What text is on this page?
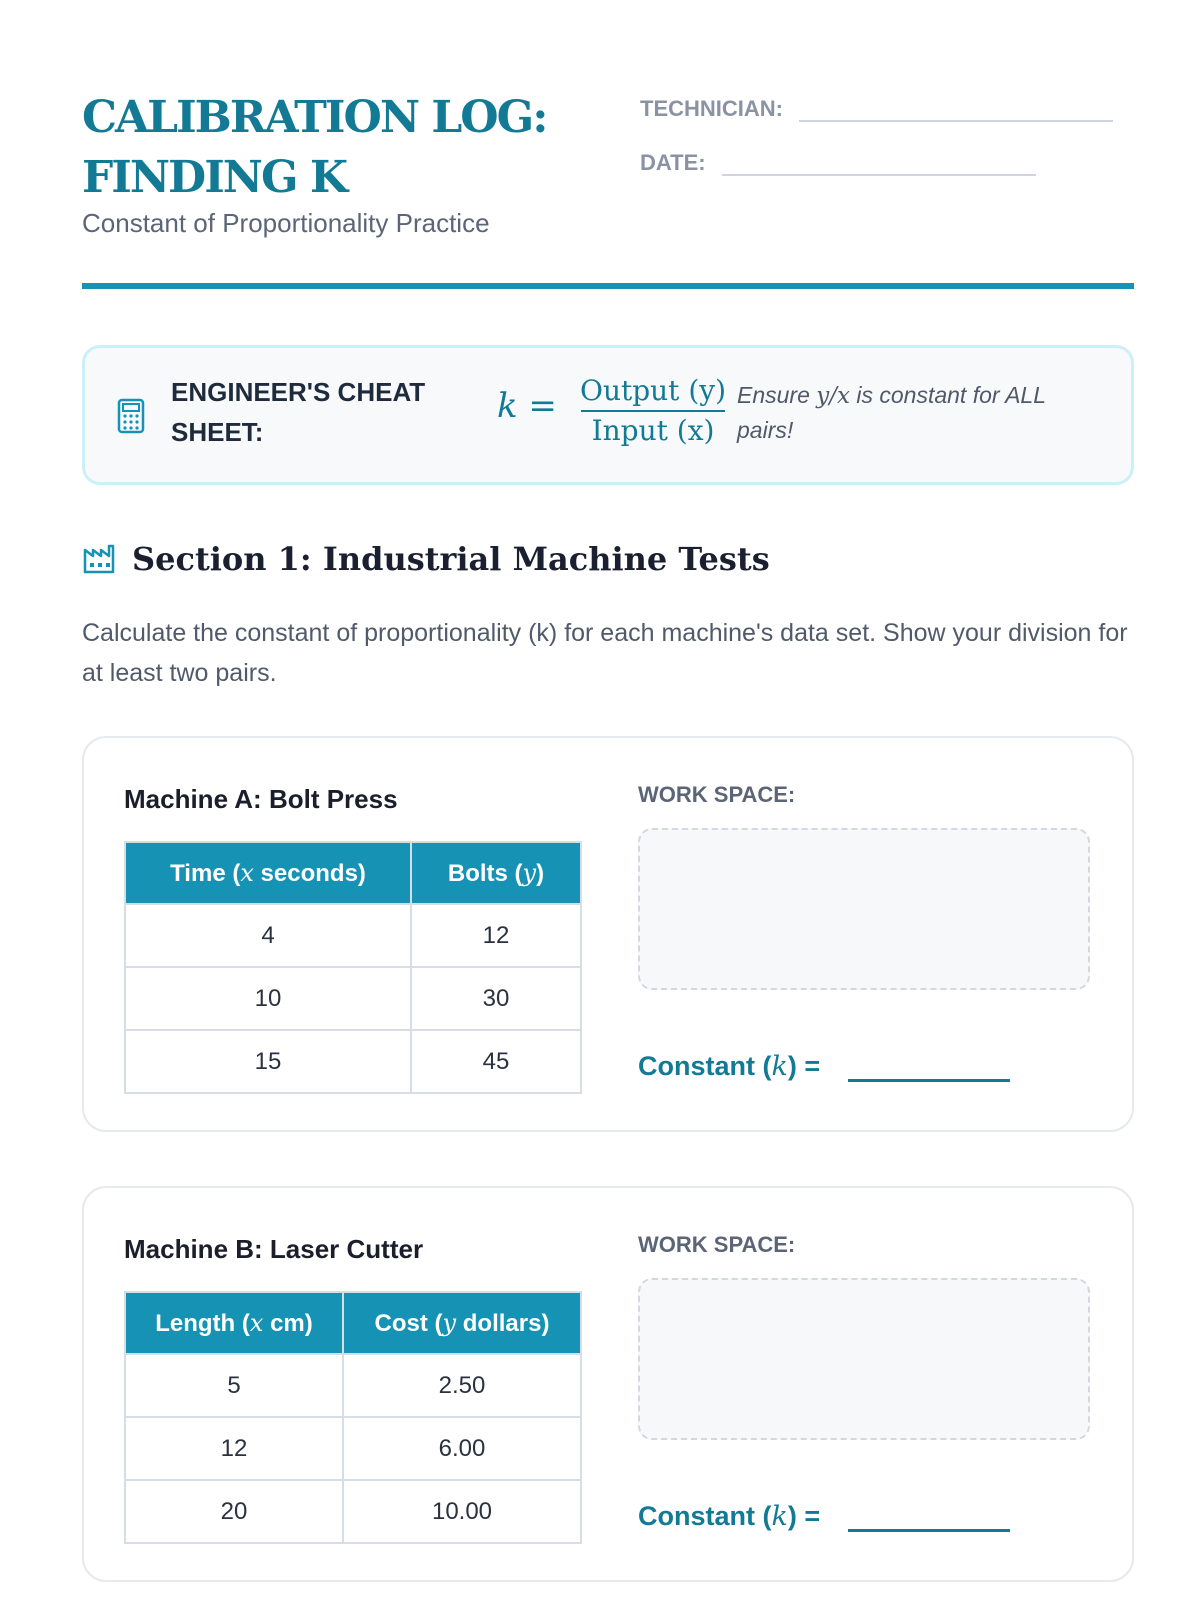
CALIBRATION LOG:
FINDING K
Constant of Proportionality Practice
TECHNICIAN:
DATE:
ENGINEER'S CHEAT SHEET:
k = Output (y)
Input (x)
Ensure y/x is constant for ALL pairs!
Section 1: Industrial Machine Tests
Calculate the constant of proportionality (k) for each machine's data set. Show your division for at least two pairs.
Machine A: Bolt Press
Time (x seconds)	Bolts (y)
4	12
10	30
15	45
WORK SPACE:
Constant (k) =
Machine B: Laser Cutter
Length (x cm)	Cost (y dollars)
5	2.50
12	6.00
20	10.00
WORK SPACE:
Constant (k) =
